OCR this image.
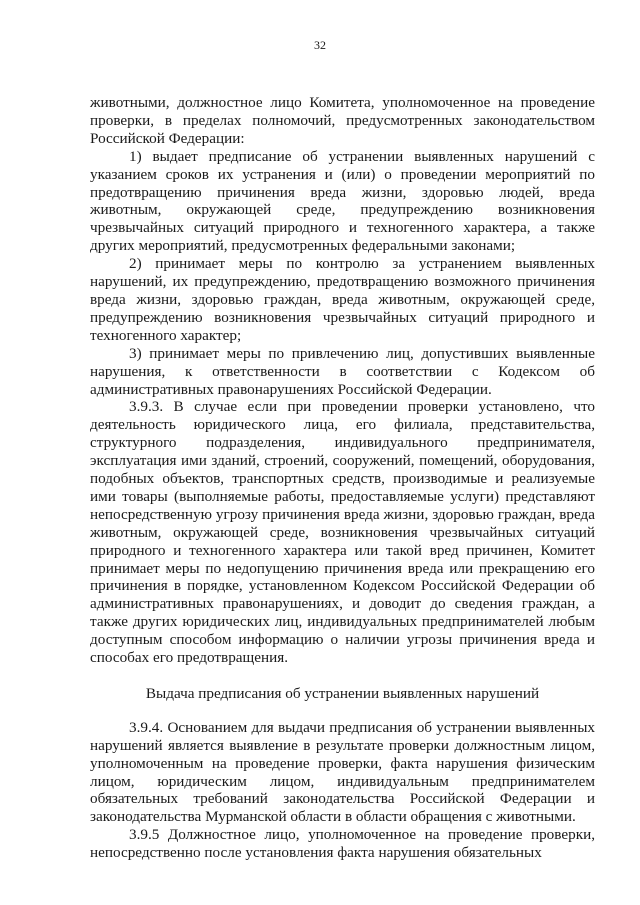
32

животными, должностное лицо Комитета, уполномоченное на проведение проверки, в пределах полномочий, предусмотренных законодательством Российской Федерации:

1) выдает предписание об устранении выявленных нарушений с указанием сроков их устранения и (или) о проведении мероприятий по предотвращению причинения вреда жизни, здоровью людей, вреда животным, окружающей среде, предупреждению возникновения чрезвычайных ситуаций природного и техногенного характера, а также других мероприятий, предусмотренных федеральными законами;

2) принимает меры по контролю за устранением выявленных нарушений, их предупреждению, предотвращению возможного причинения вреда жизни, здоровью граждан, вреда животным, окружающей среде, предупреждению возникновения чрезвычайных ситуаций природного и техногенного характер;

3) принимает меры по привлечению лиц, допустивших выявленные нарушения, к ответственности в соответствии с Кодексом об административных правонарушениях Российской Федерации.

3.9.3. В случае если при проведении проверки установлено, что деятельность юридического лица, его филиала, представительства, структурного подразделения, индивидуального предпринимателя, эксплуатация ими зданий, строений, сооружений, помещений, оборудования, подобных объектов, транспортных средств, производимые и реализуемые ими товары (выполняемые работы, предоставляемые услуги) представляют непосредственную угрозу причинения вреда жизни, здоровью граждан, вреда животным, окружающей среде, возникновения чрезвычайных ситуаций природного и техногенного характера или такой вред причинен, Комитет принимает меры по недопущению причинения вреда или прекращению его причинения в порядке, установленном Кодексом Российской Федерации об административных правонарушениях, и доводит до сведения граждан, а также других юридических лиц, индивидуальных предпринимателей любым доступным способом информацию о наличии угрозы причинения вреда и способах его предотвращения.

Выдача предписания об устранении выявленных нарушений

3.9.4. Основанием для выдачи предписания об устранении выявленных нарушений является выявление в результате проверки должностным лицом, уполномоченным на проведение проверки, факта нарушения физическим лицом, юридическим лицом, индивидуальным предпринимателем обязательных требований законодательства Российской Федерации и законодательства Мурманской области в области обращения с животными.

3.9.5 Должностное лицо, уполномоченное на проведение проверки, непосредственно после установления факта нарушения обязательных
